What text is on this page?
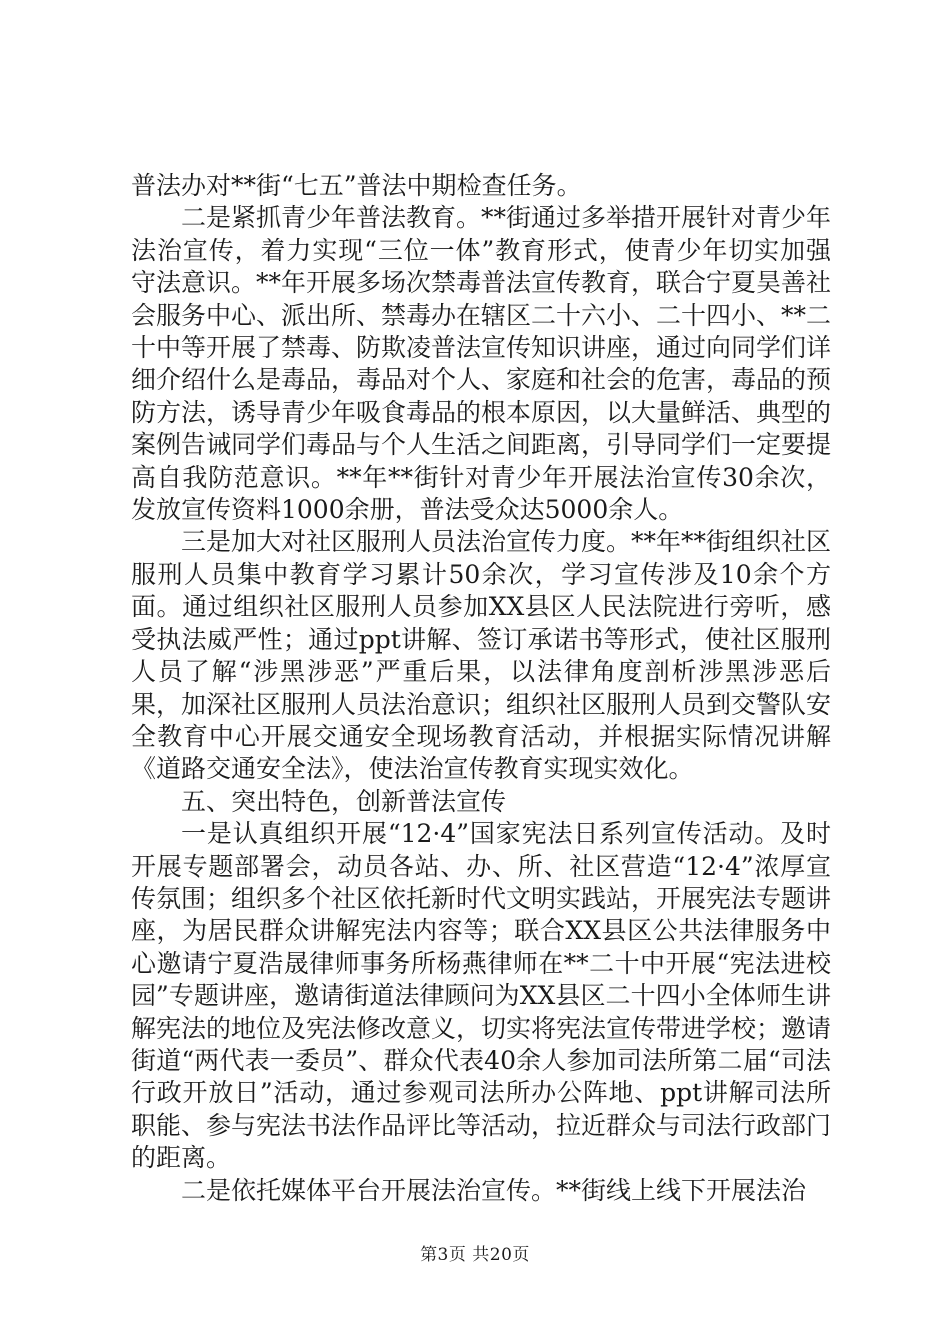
普法办对**街“七五”普法中期检查任务。

二是紧抓青少年普法教育。**街通过多举措开展针对青少年法治宣传，着力实现“三位一体”教育形式，使青少年切实加强守法意识。**年开展多场次禁毒普法宣传教育，联合宁夏昊善社会服务中心、派出所、禁毒办在辖区二十六小、二十四小、**二十中等开展了禁毒、防欺凌普法宣传知识讲座，通过向同学们详细介绍什么是毒品，毒品对个人、家庭和社会的危害，毒品的预防方法，诱导青少年吸食毒品的根本原因，以大量鲜活、典型的案例告诫同学们毒品与个人生活之间距离，引导同学们一定要提高自我防范意识。**年**街针对青少年开展法治宣传30余次，发放宣传资料1000余册，普法受众达5000余人。

三是加大对社区服刑人员法治宣传力度。**年**街组织社区服刑人员集中教育学习累计50余次，学习宣传涉及10余个方面。通过组织社区服刑人员参加XX县区人民法院进行旁听，感受执法威严性；通过ppt讲解、签订承诺书等形式，使社区服刑人员了解“涉黑涉恶”严重后果，以法律角度剖析涉黑涉恶后果，加深社区服刑人员法治意识；组织社区服刑人员到交警队安全教育中心开展交通安全现场教育活动，并根据实际情况讲解《道路交通安全法》，使法治宣传教育实现实效化。

五、突出特色，创新普法宣传

一是认真组织开展“12·4”国家宪法日系列宣传活动。及时开展专题部署会，动员各站、办、所、社区营造“12·4”浓厚宣传氛围；组织多个社区依托新时代文明实践站，开展宪法专题讲座，为居民群众讲解宪法内容等；联合XX县区公共法律服务中心邀请宁夏浩晟律师事务所杨燕律师在**二十中开展“宪法进校园”专题讲座，邀请街道法律顾问为XX县区二十四小全体师生讲解宪法的地位及宪法修改意义，切实将宪法宣传带进学校；邀请街道“两代表一委员”、群众代表40余人参加司法所第二届“司法行政开放日”活动，通过参观司法所办公阵地、ppt讲解司法所职能、参与宪法书法作品评比等活动，拉近群众与司法行政部门的距离。

二是依托媒体平台开展法治宣传。**街线上线下开展法治

第3页 共20页
